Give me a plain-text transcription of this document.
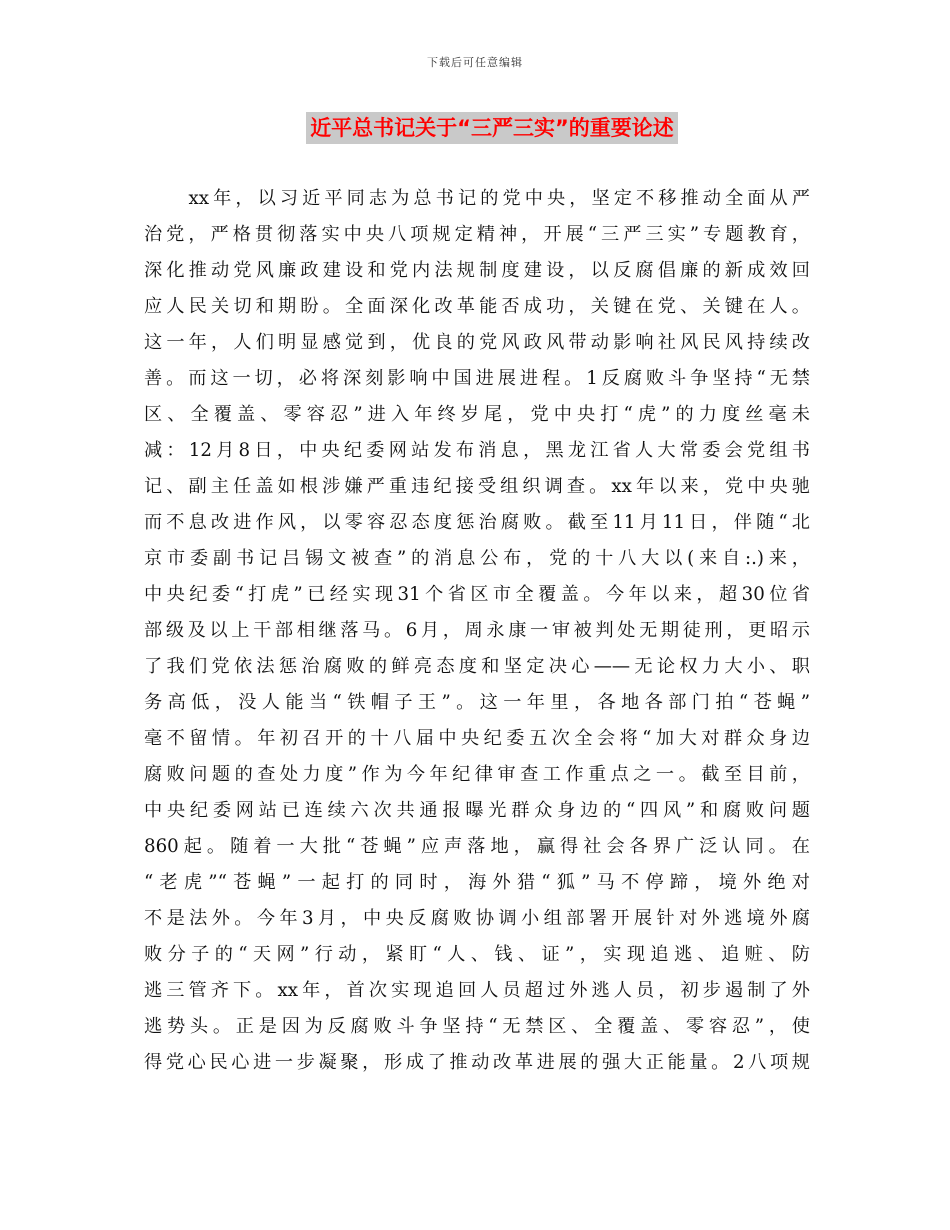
下载后可任意编辑
近平总书记关于“三严三实”的重要论述
　　xx年，以习近平同志为总书记的党中央，坚定不移推动全面从严
治党，严格贯彻落实中央八项规定精神，开展“三严三实”专题教育，
深化推动党风廉政建设和党内法规制度建设，以反腐倡廉的新成效回
应人民关切和期盼。全面深化改革能否成功，关键在党、关键在人。
这一年，人们明显感觉到，优良的党风政风带动影响社风民风持续改
善。而这一切，必将深刻影响中国进展进程。1反腐败斗争坚持“无禁
区、全覆盖、零容忍”进入年终岁尾，党中央打“虎”的力度丝毫未
减：12月8日，中央纪委网站发布消息，黑龙江省人大常委会党组书
记、副主任盖如根涉嫌严重违纪接受组织调查。xx年以来，党中央驰
而不息改进作风，以零容忍态度惩治腐败。截至11月11日，伴随“北
京市委副书记吕锡文被查”的消息公布，党的十八大以(来自:.)来，
中央纪委“打虎”已经实现31个省区市全覆盖。今年以来，超30位省
部级及以上干部相继落马。6月，周永康一审被判处无期徒刑，更昭示
了我们党依法惩治腐败的鲜亮态度和坚定决心——无论权力大小、职
务高低，没人能当“铁帽子王”。这一年里，各地各部门拍“苍蝇”
毫不留情。年初召开的十八届中央纪委五次全会将“加大对群众身边
腐败问题的查处力度”作为今年纪律审查工作重点之一。截至目前，
中央纪委网站已连续六次共通报曝光群众身边的“四风”和腐败问题
860起。随着一大批“苍蝇”应声落地，赢得社会各界广泛认同。在
“老虎”“苍蝇”一起打的同时，海外猎“狐”马不停蹄，境外绝对
不是法外。今年3月，中央反腐败协调小组部署开展针对外逃境外腐
败分子的“天网”行动，紧盯“人、钱、证”，实现追逃、追赃、防
逃三管齐下。xx年，首次实现追回人员超过外逃人员，初步遏制了外
逃势头。正是因为反腐败斗争坚持“无禁区、全覆盖、零容忍”，使
得党心民心进一步凝聚，形成了推动改革进展的强大正能量。2八项规
